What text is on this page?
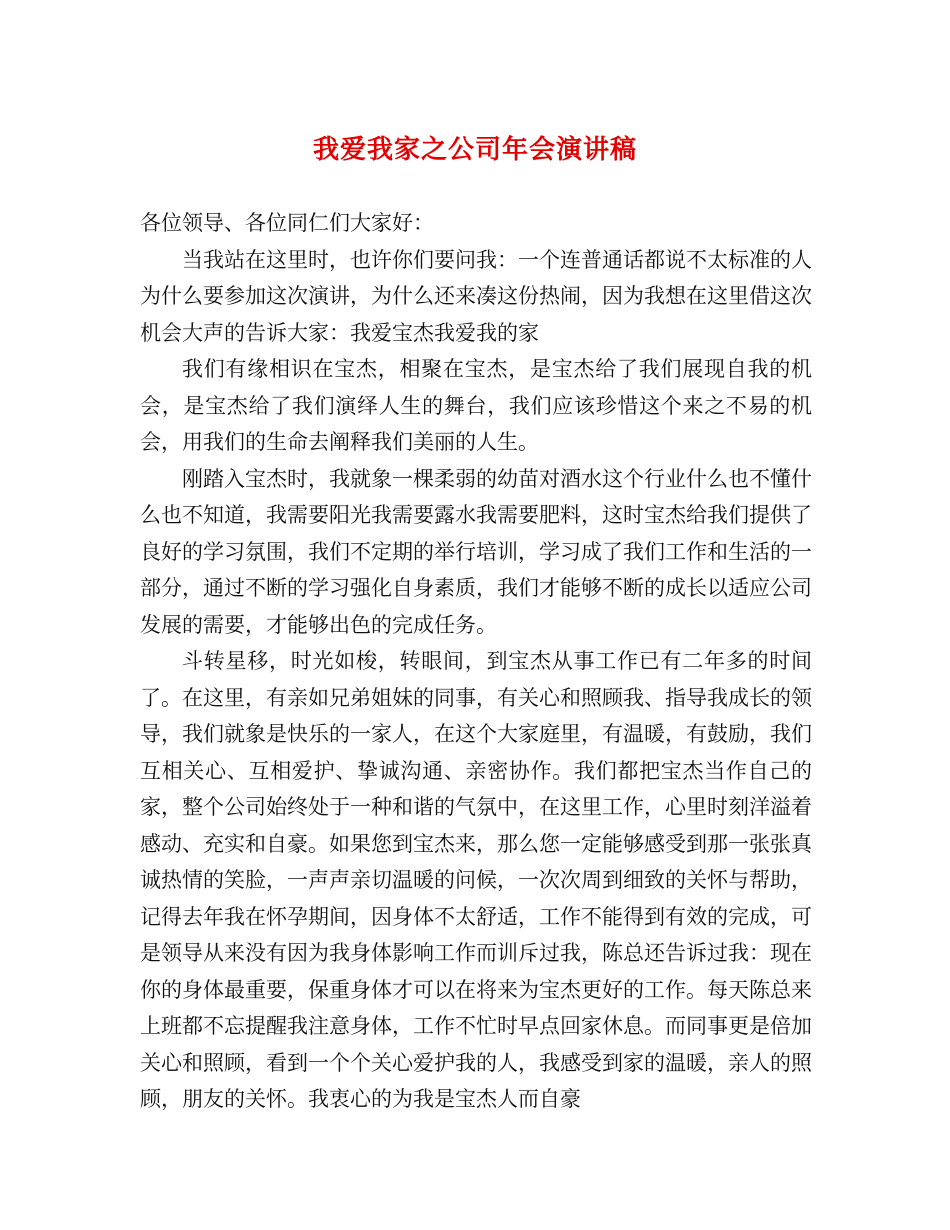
我爱我家之公司年会演讲稿

各位领导、各位同仁们大家好：

当我站在这里时，也许你们要问我：一个连普通话都说不太标准的人为什么要参加这次演讲，为什么还来凑这份热闹，因为我想在这里借这次机会大声的告诉大家：我爱宝杰我爱我的家

我们有缘相识在宝杰，相聚在宝杰，是宝杰给了我们展现自我的机会，是宝杰给了我们演绎人生的舞台，我们应该珍惜这个来之不易的机会，用我们的生命去阐释我们美丽的人生。

刚踏入宝杰时，我就象一棵柔弱的幼苗对酒水这个行业什么也不懂什么也不知道，我需要阳光我需要露水我需要肥料，这时宝杰给我们提供了良好的学习氛围，我们不定期的举行培训，学习成了我们工作和生活的一部分，通过不断的学习强化自身素质，我们才能够不断的成长以适应公司发展的需要，才能够出色的完成任务。

斗转星移，时光如梭，转眼间，到宝杰从事工作已有二年多的时间了。在这里，有亲如兄弟姐妹的同事，有关心和照顾我、指导我成长的领导，我们就象是快乐的一家人，在这个大家庭里，有温暖，有鼓励，我们互相关心、互相爱护、挚诚沟通、亲密协作。我们都把宝杰当作自己的家，整个公司始终处于一种和谐的气氛中，在这里工作，心里时刻洋溢着感动、充实和自豪。如果您到宝杰来，那么您一定能够感受到那一张张真诚热情的笑脸，一声声亲切温暖的问候，一次次周到细致的关怀与帮助，记得去年我在怀孕期间，因身体不太舒适，工作不能得到有效的完成，可是领导从来没有因为我身体影响工作而训斥过我，陈总还告诉过我：现在你的身体最重要，保重身体才可以在将来为宝杰更好的工作。每天陈总来上班都不忘提醒我注意身体，工作不忙时早点回家休息。而同事更是倍加关心和照顾，看到一个个关心爱护我的人，我感受到家的温暖，亲人的照顾，朋友的关怀。我衷心的为我是宝杰人而自豪
